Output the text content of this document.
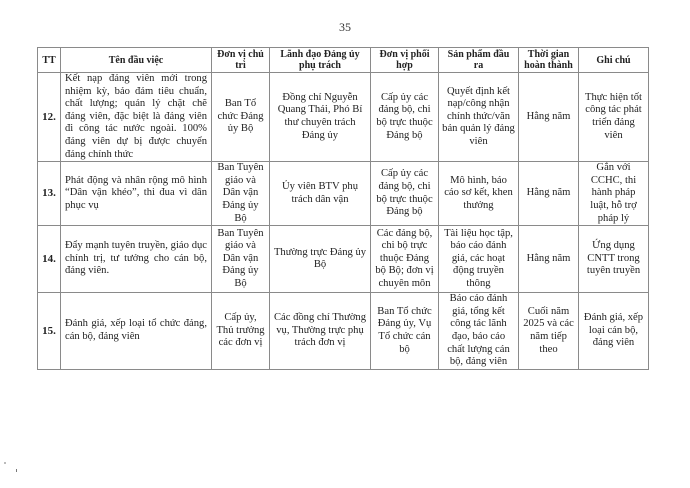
35
TT	Tên đầu việc	Đơn vị chủ trì	Lãnh đạo Đảng ủy phụ trách	Đơn vị phối hợp	Sản phẩm đầu ra	Thời gian hoàn thành	Ghi chú
12.	Kết nạp đảng viên mới trong nhiệm kỳ, bảo đảm tiêu chuẩn, chất lượng; quản lý chặt chẽ đảng viên, đặc biệt là đảng viên đi công tác nước ngoài. 100% đảng viên dự bị được chuyển đảng chính thức	Ban Tổ chức Đảng ủy Bộ	Đồng chí Nguyễn Quang Thái, Phó Bí thư chuyên trách Đảng ủy	Cấp ủy các đảng bộ, chi bộ trực thuộc Đảng bộ	Quyết định kết nạp/công nhận chính thức/văn bản quản lý đảng viên	Hằng năm	Thực hiện tốt công tác phát triển đảng viên
13.	Phát động và nhân rộng mô hình “Dân vận khéo”, thi đua vì dân phục vụ	Ban Tuyên giáo và Dân vận Đảng ủy Bộ	Ủy viên BTV phụ trách dân vận	Cấp ủy các đảng bộ, chi bộ trực thuộc Đảng bộ	Mô hình, báo cáo sơ kết, khen thưởng	Hằng năm	Gắn với CCHC, thi hành pháp luật, hỗ trợ pháp lý
14.	Đẩy mạnh tuyên truyền, giáo dục chính trị, tư tưởng cho cán bộ, đảng viên.	Ban Tuyên giáo và Dân vận Đảng ủy Bộ	Thường trực Đảng ủy Bộ	Các đảng bộ, chi bộ trực thuộc Đảng bộ Bộ; đơn vị chuyên môn	Tài liệu học tập, báo cáo đánh giá, các hoạt động truyền thông	Hằng năm	Ứng dụng CNTT trong tuyên truyền
15.	Đánh giá, xếp loại tổ chức đảng, cán bộ, đảng viên	Cấp ủy, Thủ trưởng các đơn vị	Các đồng chí Thường vụ, Thường trực phụ trách đơn vị	Ban Tổ chức Đảng ủy, Vụ Tổ chức cán bộ	Báo cáo đánh giá, tổng kết công tác lãnh đạo, báo cáo chất lượng cán bộ, đảng viên	Cuối năm 2025 và các năm tiếp theo	Đánh giá, xếp loại cán bộ, đảng viên
